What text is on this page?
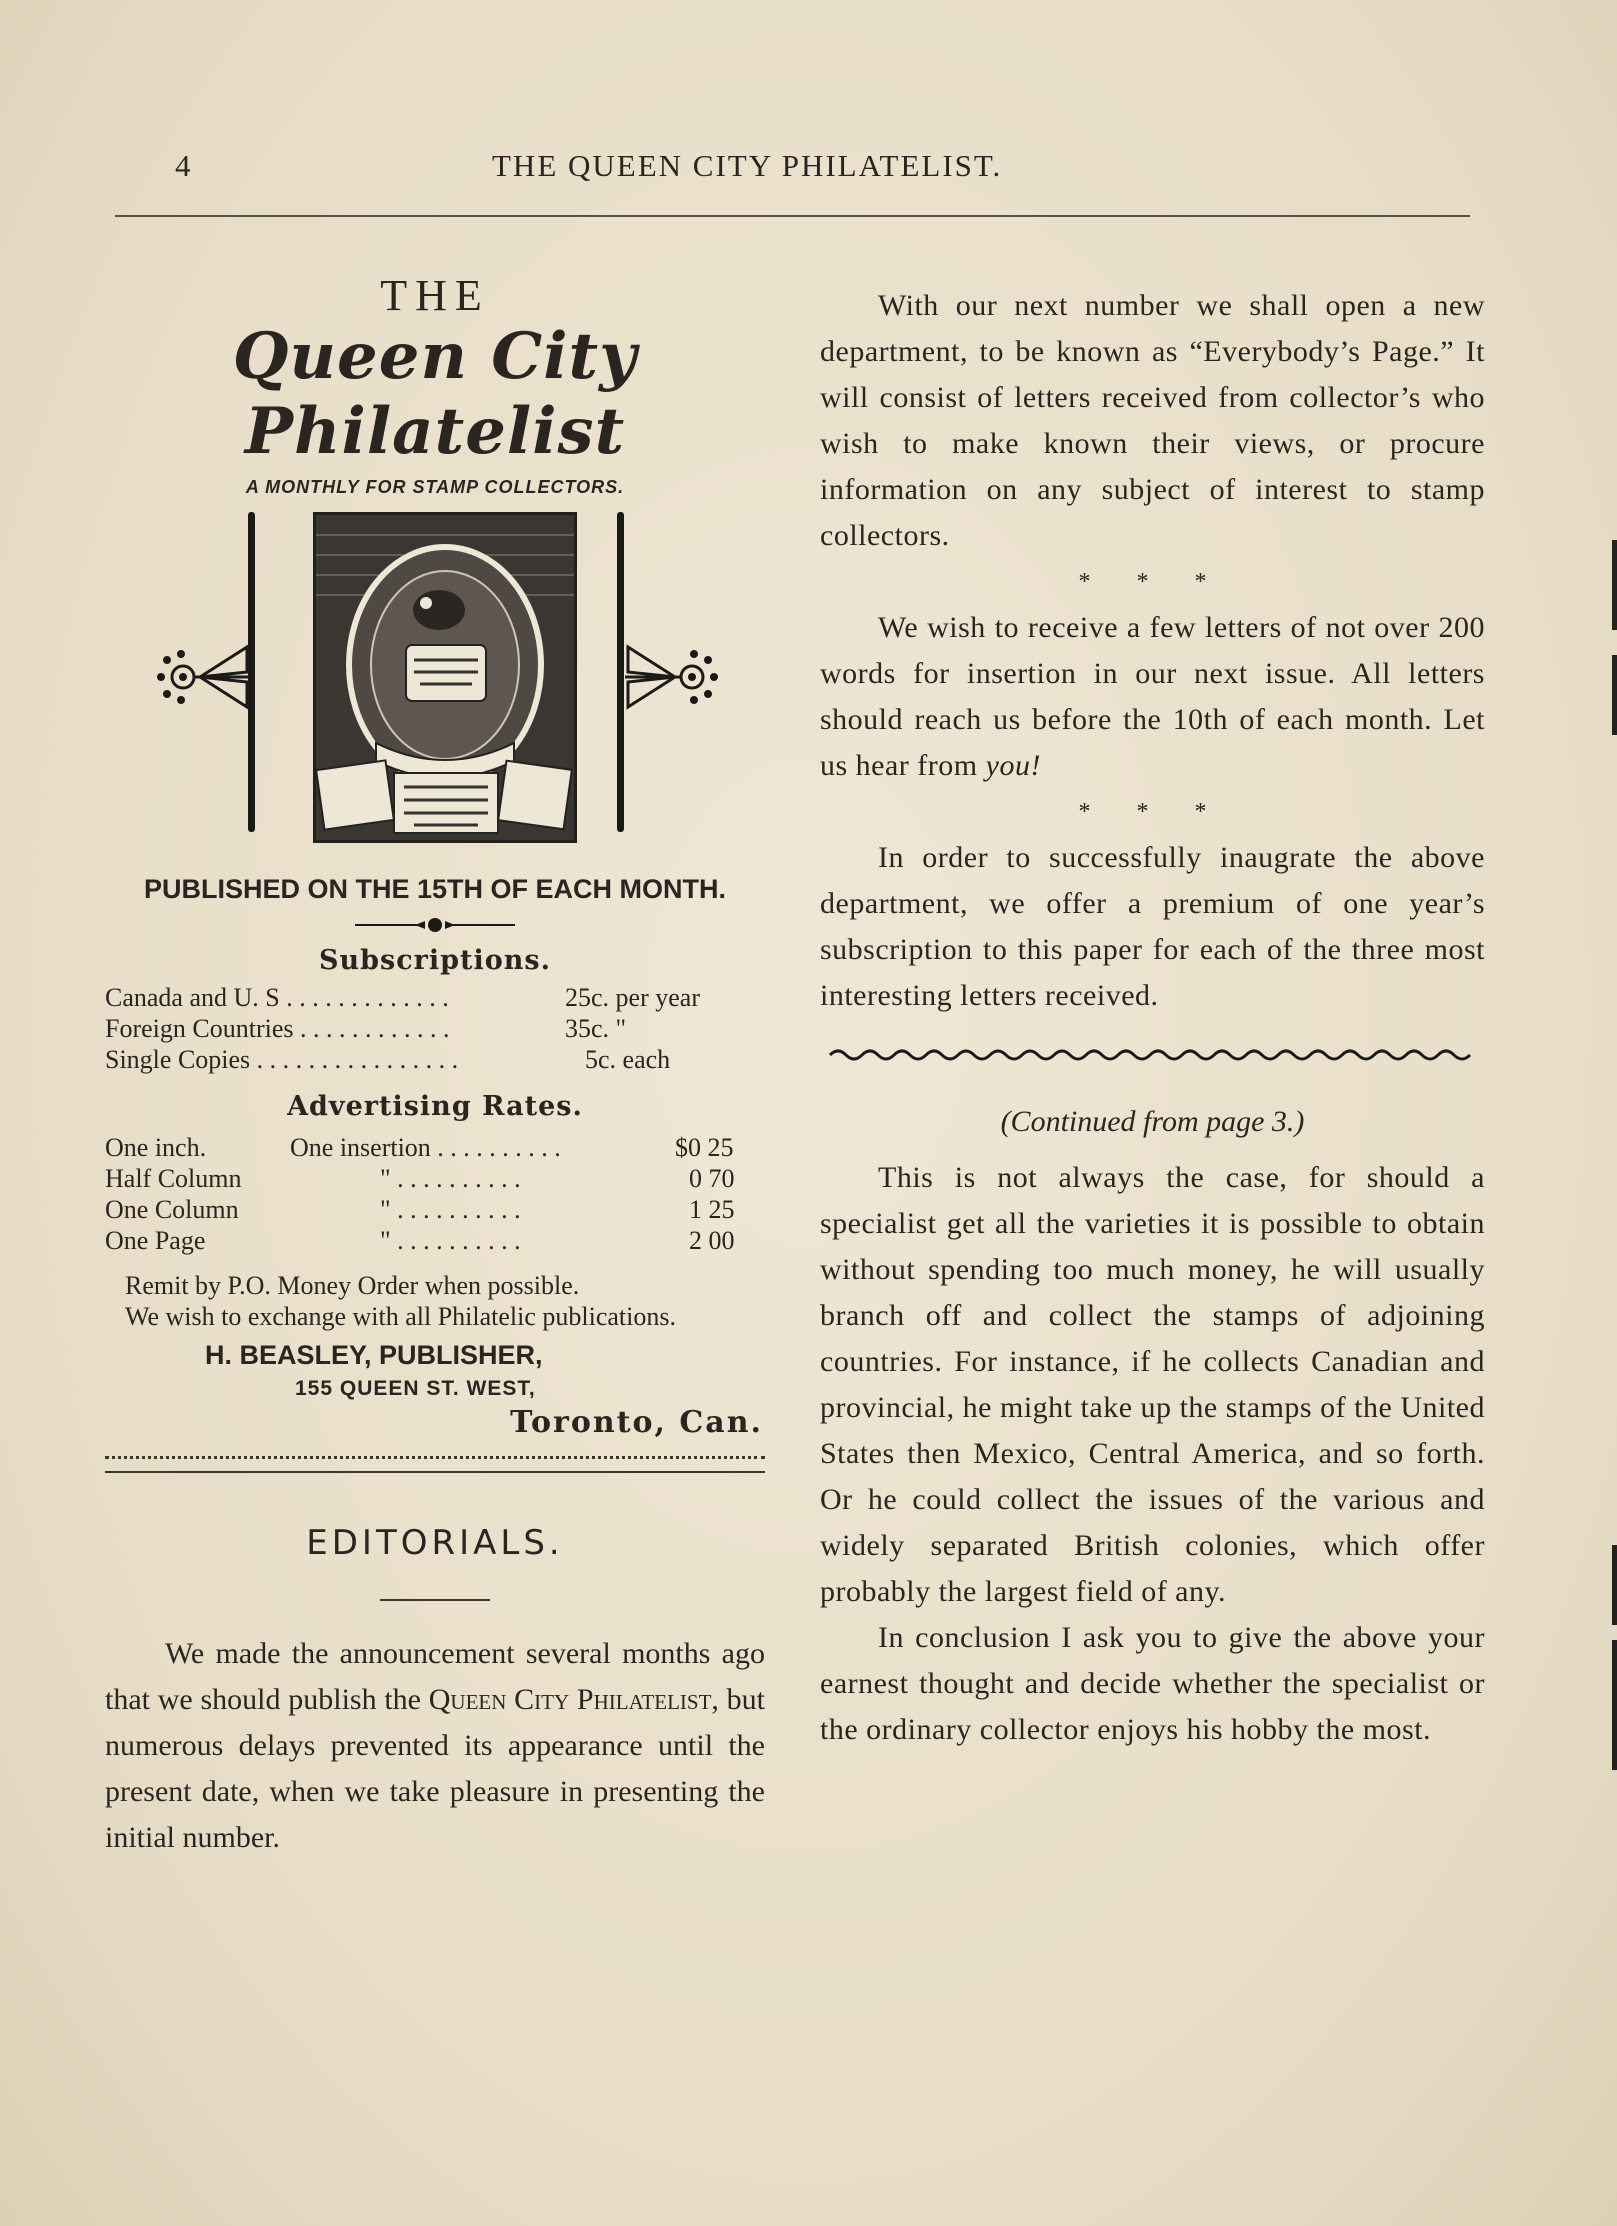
4	THE QUEEN CITY PHILATELIST.
THE
Queen City Philatelist
A MONTHLY FOR STAMP COLLECTORS.
PUBLISHED ON THE 15TH OF EACH MONTH.
Subscriptions.
Canada and U. S . . . . . . . . . . . . .	25c. per year
Foreign Countries . . . . . . . . . . . .	35c. "
Single Copies . . . . . . . . . . . . . . . .	5c. each
Advertising Rates.
One inch.	One insertion . . . . . . . . . .	$0 25
Half Column	" . . . . . . . . . .	0 70
One Column	" . . . . . . . . . .	1 25
One Page	" . . . . . . . . . .	2 00

Remit by P.O. Money Order when possible.

We wish to exchange with all Philatelic publications.

H. BEASLEY, PUBLISHER,
155 QUEEN ST. WEST,
Toronto, Can.
EDITORIALS.

We made the announcement several months ago that we should publish the Queen City Philatelist, but numerous delays prevented its appearance until the present date, when we take pleasure in presenting the initial number.

With our next number we shall open a new department, to be known as “Everybody’s Page.” It will consist of letters received from collector’s who wish to make known their views, or procure information on any subject of interest to stamp collectors.

* * *

We wish to receive a few letters of not over 200 words for insertion in our next issue. All letters should reach us before the 10th of each month. Let us hear from you!

* * *

In order to successfully inaugrate the above department, we offer a premium of one year’s subscription to this paper for each of the three most interesting letters received.

(Continued from page 3.)

This is not always the case, for should a specialist get all the varieties it is possible to obtain without spending too much money, he will usually branch off and collect the stamps of adjoining countries. For instance, if he collects Canadian and provincial, he might take up the stamps of the United States then Mexico, Central America, and so forth. Or he could collect the issues of the various and widely separated British colonies, which offer probably the largest field of any.

In conclusion I ask you to give the above your earnest thought and decide whether the specialist or the ordinary collector enjoys his hobby the most.
